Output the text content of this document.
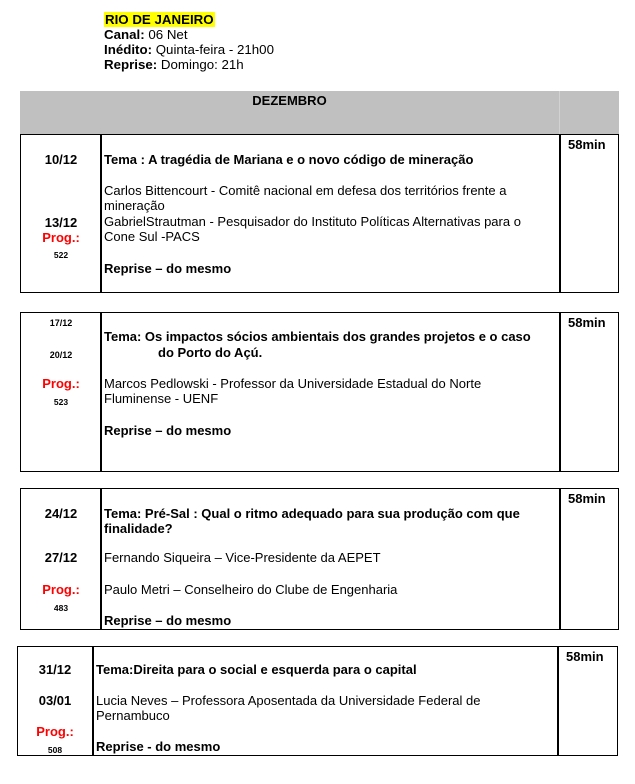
RIO DE JANEIRO
Canal: 06 Net
Inédito: Quinta-feira - 21h00
Reprise: Domingo: 21h
DEZEMBRO
10/12
13/12
Prog.:
522
Tema : A tragédia de Mariana e o novo código de mineração
Carlos Bittencourt - Comitê nacional em defesa dos territórios frente a mineração
GabrielStrautman - Pesquisador do Instituto Políticas Alternativas para o Cone Sul -PACS
Reprise – do mesmo
58min
17/12
20/12
Prog.:
523
Tema: Os impactos sócios ambientais dos grandes projetos e o caso
do Porto do Açú.
Marcos Pedlowski - Professor da Universidade Estadual do Norte Fluminense - UENF
Reprise – do mesmo
58min
24/12
27/12
Prog.:
483
Tema: Pré-Sal : Qual o ritmo adequado para sua produção com que finalidade?
Fernando Siqueira – Vice-Presidente da AEPET
Paulo Metri – Conselheiro do Clube de Engenharia
Reprise – do mesmo
58min
31/12
03/01
Prog.:
508
Tema:Direita para o social e esquerda para o capital
Lucia Neves – Professora Aposentada da Universidade Federal de Pernambuco
Reprise - do mesmo
58min
